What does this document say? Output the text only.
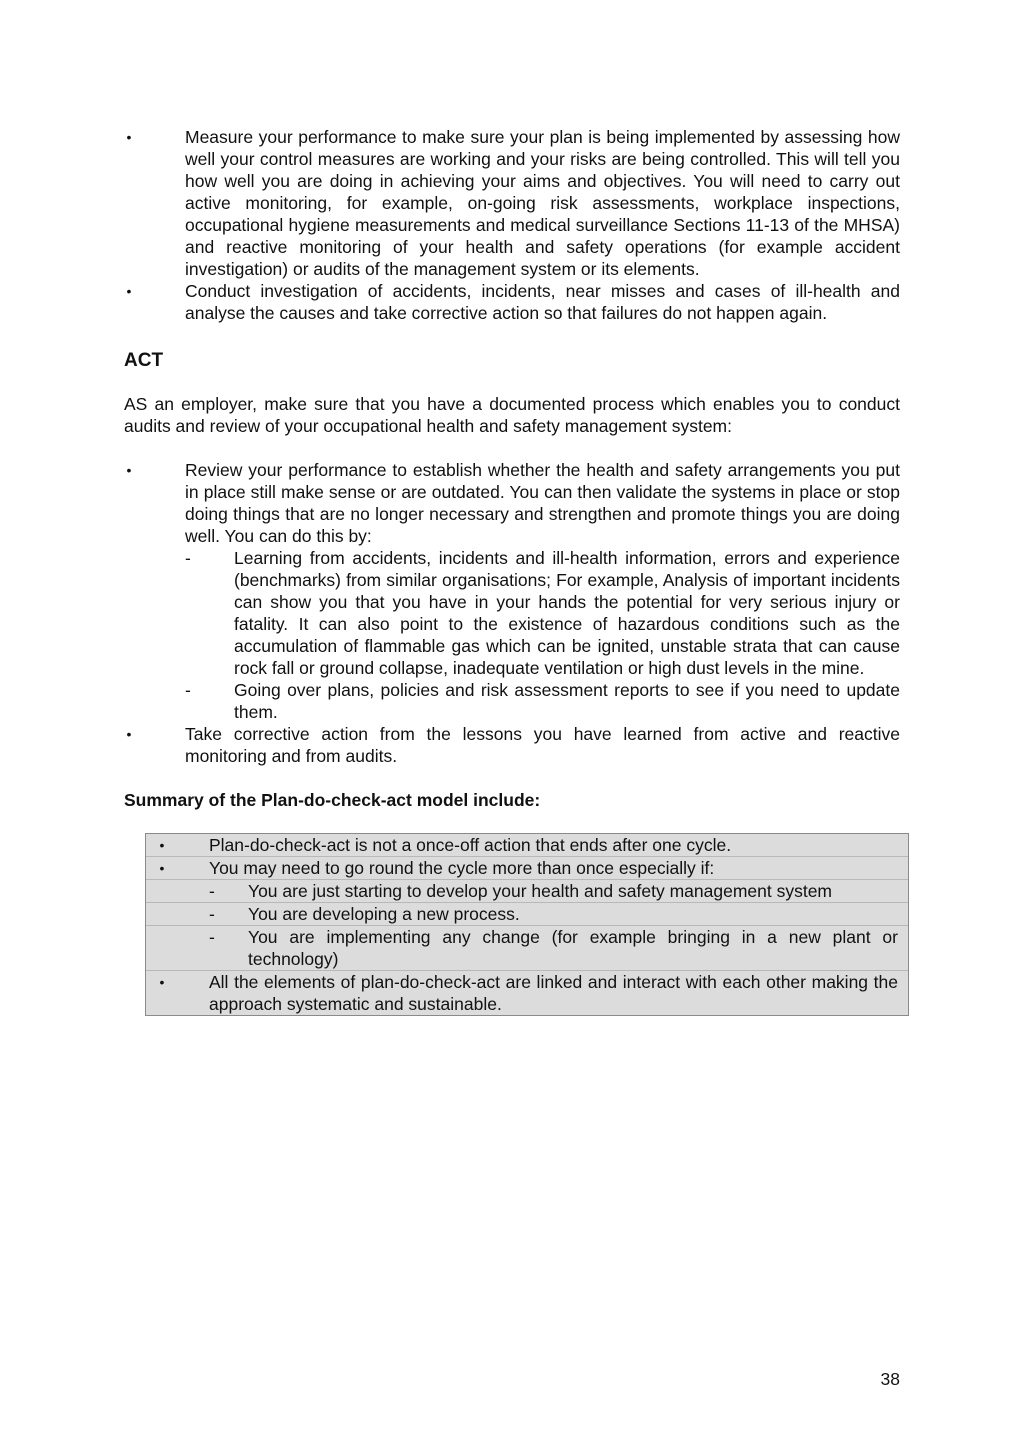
•	Measure your performance to make sure your plan is being implemented by assessing how well your control measures are working and your risks are being controlled. This will tell you how well you are doing in achieving your aims and objectives. You will need to carry out active monitoring, for example, on-going risk assessments, workplace inspections, occupational hygiene measurements and medical surveillance Sections 11-13 of the MHSA) and reactive monitoring of your health and safety operations (for example accident investigation) or audits of the management system or its elements.
•	Conduct investigation of accidents, incidents, near misses and cases of ill-health and analyse the causes and take corrective action so that failures do not happen again.
ACT

AS an employer, make sure that you have a documented process which enables you to conduct audits and review of your occupational health and safety management system:

•	Review your performance to establish whether the health and safety arrangements you put in place still make sense or are outdated. You can then validate the systems in place or stop doing things that are no longer necessary and strengthen and promote things you are doing well. You can do this by:
- Learning from accidents, incidents and ill-health information, errors and experience (benchmarks) from similar organisations; For example, Analysis of important incidents can show you that you have in your hands the potential for very serious injury or fatality. It can also point to the existence of hazardous conditions such as the accumulation of flammable gas which can be ignited, unstable strata that can cause rock fall or ground collapse, inadequate ventilation or high dust levels in the mine.
- Going over plans, policies and risk assessment reports to see if you need to update them.
•	Take corrective action from the lessons you have learned from active and reactive monitoring and from audits.
Summary of the Plan-do-check-act model include:
•	Plan-do-check-act is not a once-off action that ends after one cycle.
•	You may need to go round the cycle more than once especially if:
- You are just starting to develop your health and safety management system
- You are developing a new process.
- You are implementing any change (for example bringing in a new plant or technology)
•	All the elements of plan-do-check-act are linked and interact with each other making the approach systematic and sustainable.
38
